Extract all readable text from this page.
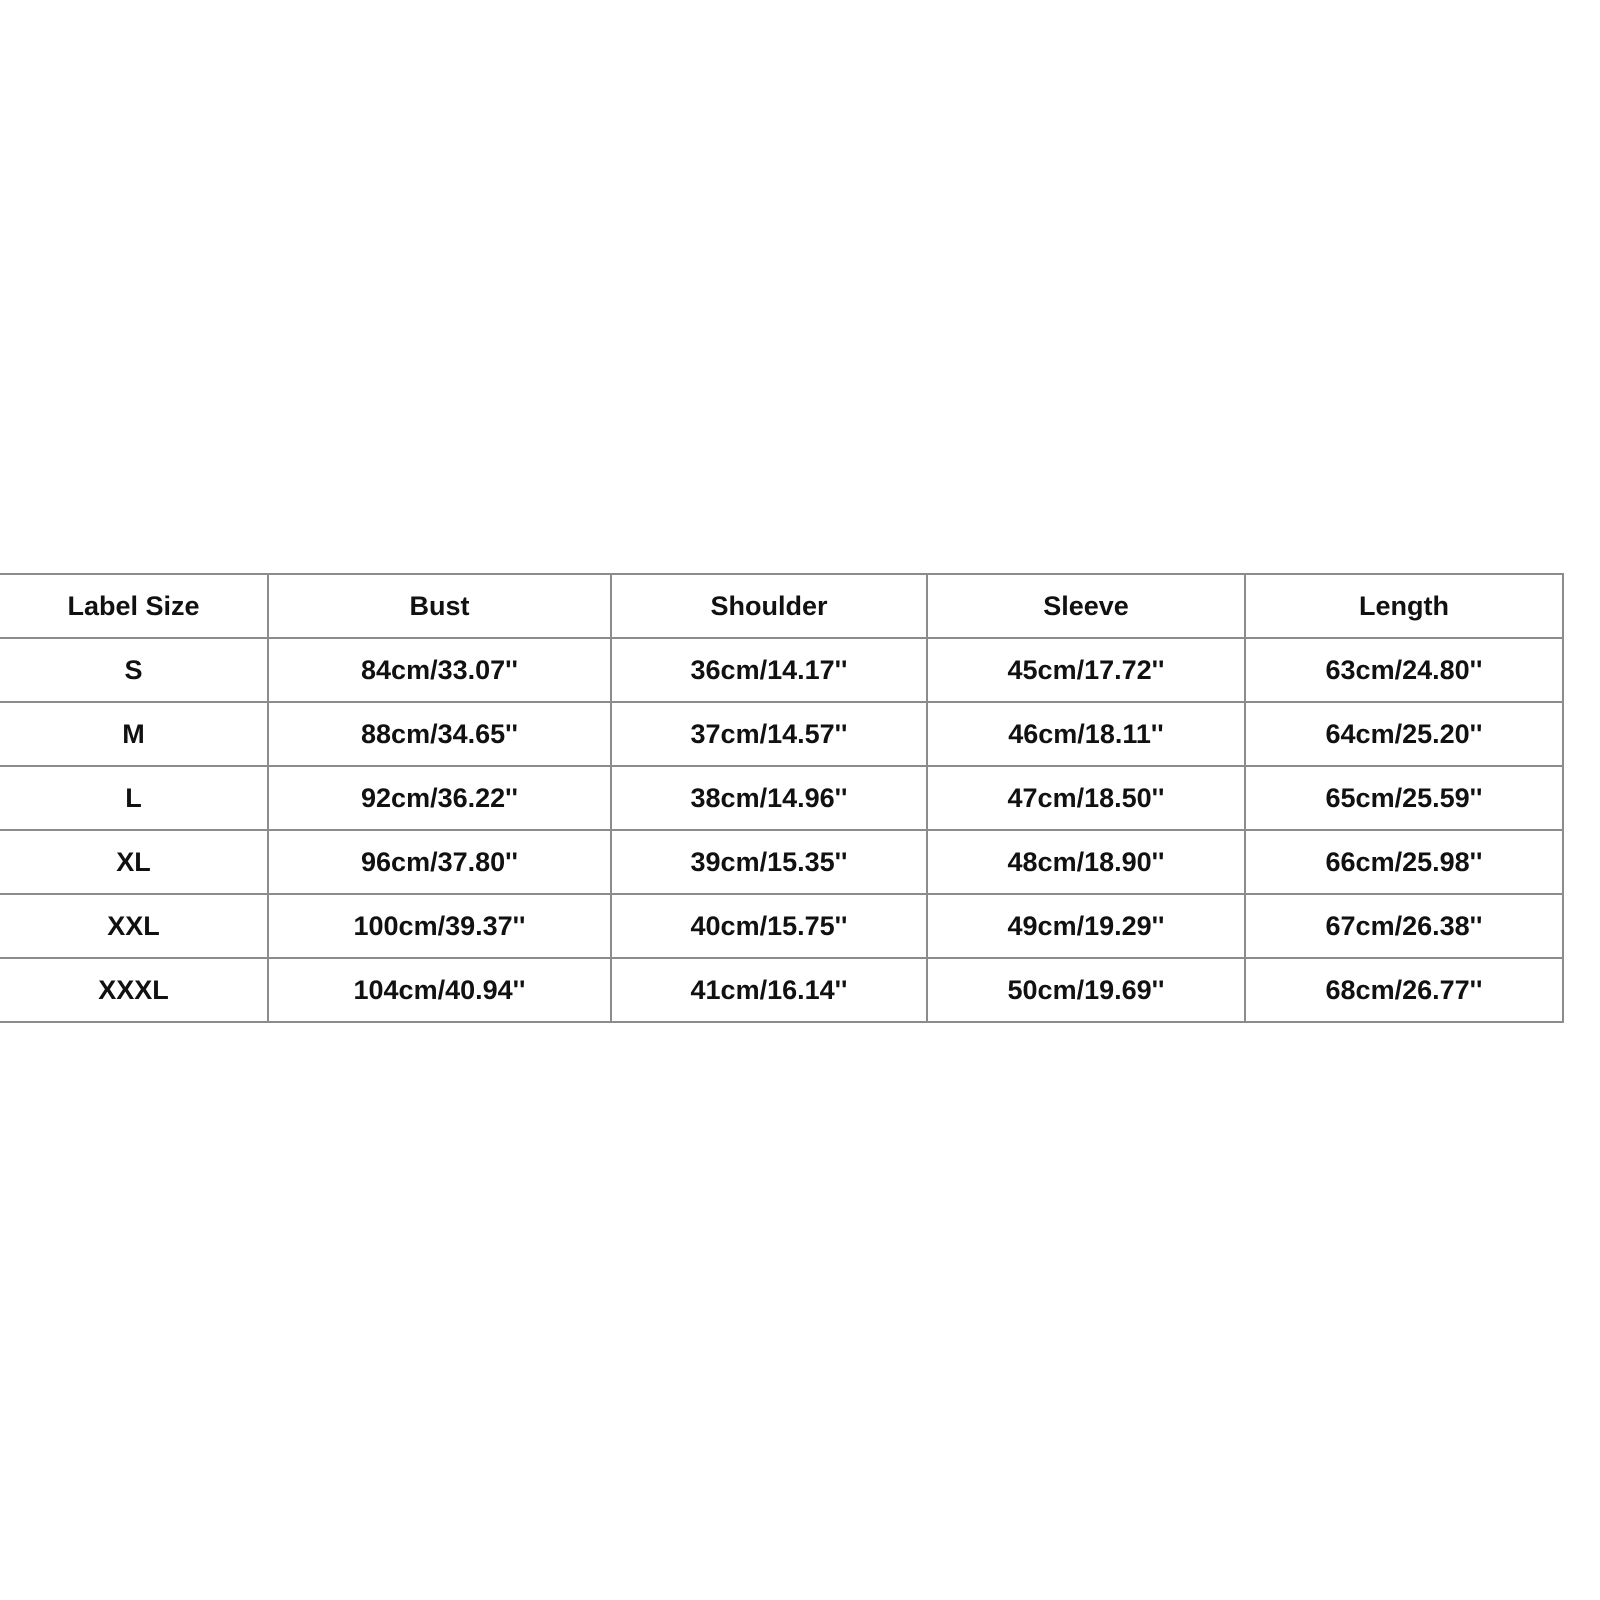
Label Size	Bust	Shoulder	Sleeve	Length
S	84cm/33.07''	36cm/14.17''	45cm/17.72''	63cm/24.80''
M	88cm/34.65''	37cm/14.57''	46cm/18.11''	64cm/25.20''
L	92cm/36.22''	38cm/14.96''	47cm/18.50''	65cm/25.59''
XL	96cm/37.80''	39cm/15.35''	48cm/18.90''	66cm/25.98''
XXL	100cm/39.37''	40cm/15.75''	49cm/19.29''	67cm/26.38''
XXXL	104cm/40.94''	41cm/16.14''	50cm/19.69''	68cm/26.77''
